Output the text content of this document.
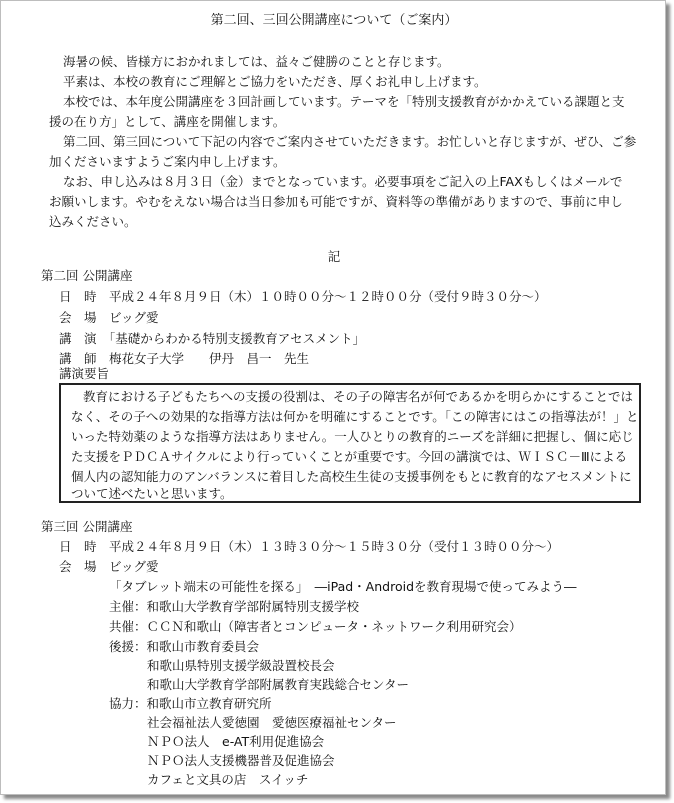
第二回、三回公開講座について（ご案内）
海暑の候、皆様方におかれましては、益々ご健勝のことと存じます。
平素は、本校の教育にご理解とご協力をいただき、厚くお礼申し上げます。
本校では、本年度公開講座を３回計画しています。テーマを「特別支援教育がかかえている課題と支
援の在り方」として、講座を開催します。
第二回、第三回について下記の内容でご案内させていただきます。お忙しいと存じますが、ぜひ、ご参
加くださいますようご案内申し上げます。
なお、申し込みは８月３日（金）までとなっています。必要事項をご記入の上FAXもしくはメールで
お願いします。やむをえない場合は当日参加も可能ですが、資料等の準備がありますので、事前に申し
込みください。
記
第二回 公開講座
日　時　平成２４年８月９日（木）１０時００分～１２時００分（受付９時３０分～）
会　場　ビッグ愛
講　演　「基礎からわかる特別支援教育アセスメント」
講　師　梅花女子大学　　伊丹　昌一　先生
講演要旨
教育における子どもたちへの支援の役割は、その子の障害名が何であるかを明らかにすることでは
なく、その子への効果的な指導方法は何かを明確にすることです。「この障害にはこの指導法が！」と
いった特効薬のような指導方法はありません。一人ひとりの教育的ニーズを詳細に把握し、個に応じ
た支援をＰＤＣＡサイクルにより行っていくことが重要です。今回の講演では、ＷＩＳＣ－Ⅲによる
個人内の認知能力のアンバランスに着目した高校生生徒の支援事例をもとに教育的なアセスメントに
ついて述べたいと思います。
第三回 公開講座
日　時　平成２４年８月９日（木）１３時３０分～１５時３０分（受付１３時００分～）
会　場　ビッグ愛
「タブレット端末の可能性を探る」　―iPad・Androidを教育現場で使ってみよう―
主催：和歌山大学教育学部附属特別支援学校
共催：ＣＣＮ和歌山（障害者とコンピュータ・ネットワーク利用研究会）
後援：和歌山市教育委員会
和歌山県特別支援学級設置校長会
和歌山大学教育学部附属教育実践総合センター
協力：和歌山市立教育研究所
社会福祉法人愛徳園　愛徳医療福祉センター
ＮＰＯ法人　e-AT利用促進協会
ＮＰＯ法人支援機器普及促進協会
カフェと文具の店　スイッチ
